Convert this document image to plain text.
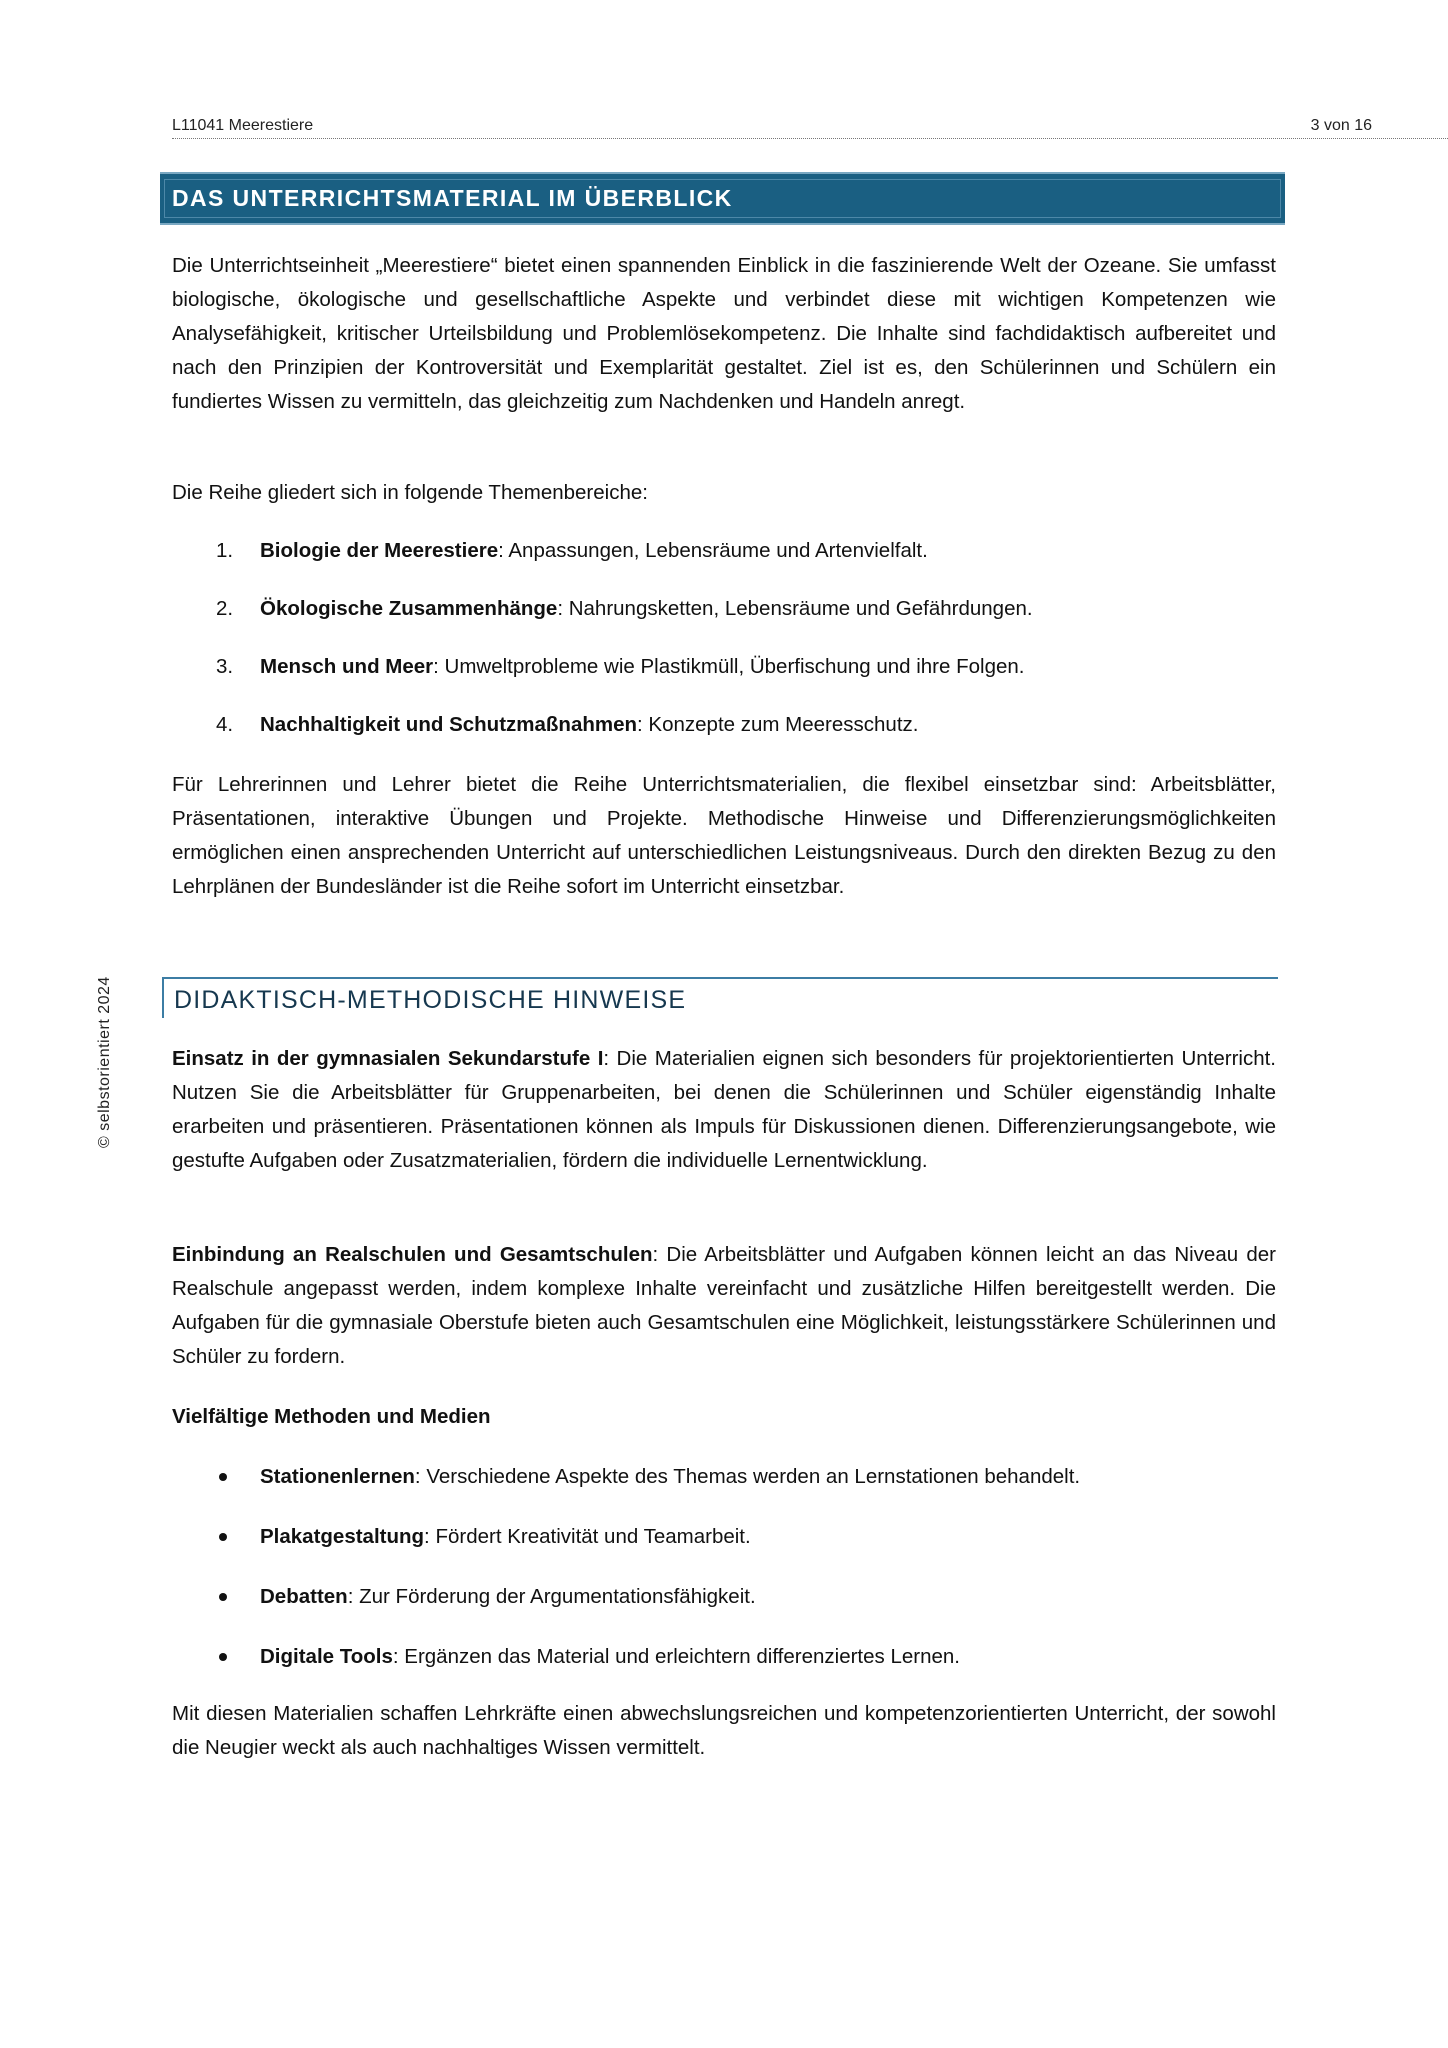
L11041 Meerestiere	3 von 16
© selbstorientiert 2024
DAS UNTERRICHTSMATERIAL IM ÜBERBLICK

Die Unterrichtseinheit „Meerestiere“ bietet einen spannenden Einblick in die faszinierende Welt der Ozeane. Sie umfasst biologische, ökologische und gesellschaftliche Aspekte und verbindet diese mit wichtigen Kompetenzen wie Analysefähigkeit, kritischer Urteilsbildung und Problemlösekompetenz. Die Inhalte sind fachdidaktisch aufbereitet und nach den Prinzipien der Kontroversität und Exemplarität gestaltet. Ziel ist es, den Schülerinnen und Schülern ein fundiertes Wissen zu vermitteln, das gleichzeitig zum Nachdenken und Handeln anregt.

Die Reihe gliedert sich in folgende Themenbereiche:

1. Biologie der Meerestiere: Anpassungen, Lebensräume und Artenvielfalt.
2. Ökologische Zusammenhänge: Nahrungsketten, Lebensräume und Gefährdungen.
3. Mensch und Meer: Umweltprobleme wie Plastikmüll, Überfischung und ihre Folgen.
4. Nachhaltigkeit und Schutzmaßnahmen: Konzepte zum Meeresschutz.

Für Lehrerinnen und Lehrer bietet die Reihe Unterrichtsmaterialien, die flexibel einsetzbar sind: Arbeitsblätter, Präsentationen, interaktive Übungen und Projekte. Methodische Hinweise und Differenzierungsmöglichkeiten ermöglichen einen ansprechenden Unterricht auf unterschiedlichen Leistungsniveaus. Durch den direkten Bezug zu den Lehrplänen der Bundesländer ist die Reihe sofort im Unterricht einsetzbar.

DIDAKTISCH-METHODISCHE HINWEISE

Einsatz in der gymnasialen Sekundarstufe I: Die Materialien eignen sich besonders für projektorientierten Unterricht. Nutzen Sie die Arbeitsblätter für Gruppenarbeiten, bei denen die Schülerinnen und Schüler eigenständig Inhalte erarbeiten und präsentieren. Präsentationen können als Impuls für Diskussionen dienen. Differenzierungsangebote, wie gestufte Aufgaben oder Zusatzmaterialien, fördern die individuelle Lernentwicklung.

Einbindung an Realschulen und Gesamtschulen: Die Arbeitsblätter und Aufgaben können leicht an das Niveau der Realschule angepasst werden, indem komplexe Inhalte vereinfacht und zusätzliche Hilfen bereitgestellt werden. Die Aufgaben für die gymnasiale Oberstufe bieten auch Gesamtschulen eine Möglichkeit, leistungsstärkere Schülerinnen und Schüler zu fordern.

Vielfältige Methoden und Medien

Stationenlernen: Verschiedene Aspekte des Themas werden an Lernstationen behandelt.
Plakatgestaltung: Fördert Kreativität und Teamarbeit.
Debatten: Zur Förderung der Argumentationsfähigkeit.
Digitale Tools: Ergänzen das Material und erleichtern differenziertes Lernen.

Mit diesen Materialien schaffen Lehrkräfte einen abwechslungsreichen und kompetenzorientierten Unterricht, der sowohl die Neugier weckt als auch nachhaltiges Wissen vermittelt.
